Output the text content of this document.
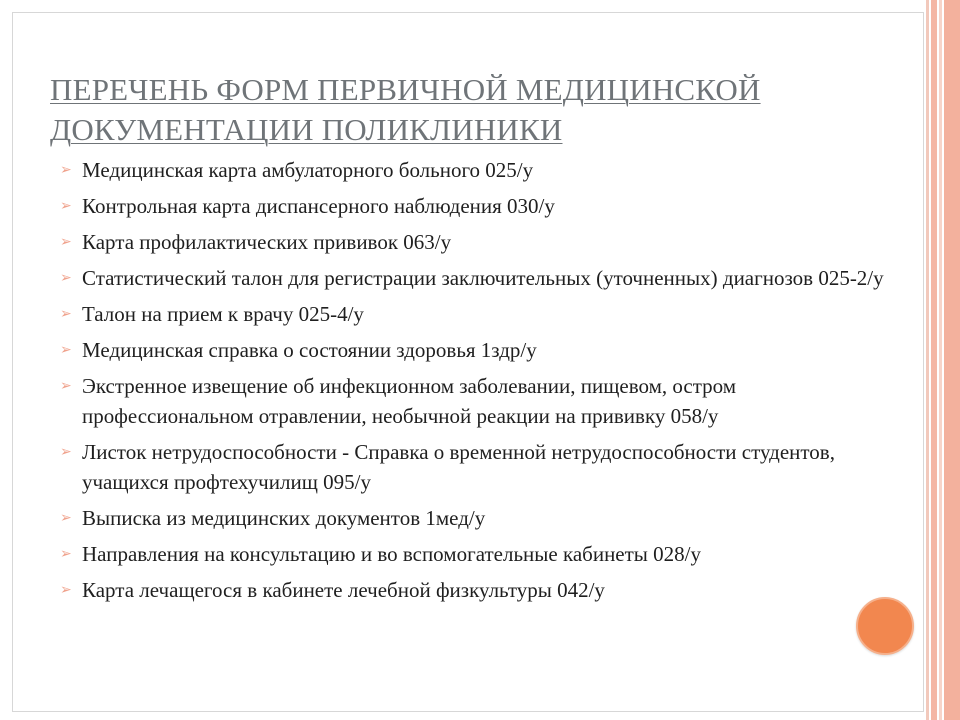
ПЕРЕЧЕНЬ ФОРМ ПЕРВИЧНОЙ МЕДИЦИНСКОЙ ДОКУМЕНТАЦИИ ПОЛИКЛИНИКИ
➢ Медицинская карта амбулаторного больного 025/у
➢ Контрольная карта диспансерного наблюдения 030/у
➢ Карта профилактических прививок 063/у
➢ Статистический талон для регистрации заключительных (уточненных) диагнозов 025-2/у
➢ Талон на прием к врачу 025-4/у
➢ Медицинская справка о состоянии здоровья 1здр/у
➢ Экстренное извещение об инфекционном заболевании, пищевом, остром профессиональном отравлении, необычной реакции на прививку 058/у
➢ Листок нетрудоспособности - Справка о временной нетрудоспособности студентов, учащихся профтехучилищ 095/у
➢ Выписка из медицинских документов 1мед/у
➢ Направления на консультацию и во вспомогательные кабинеты 028/у
➢ Карта лечащегося в кабинете лечебной физкультуры 042/у
